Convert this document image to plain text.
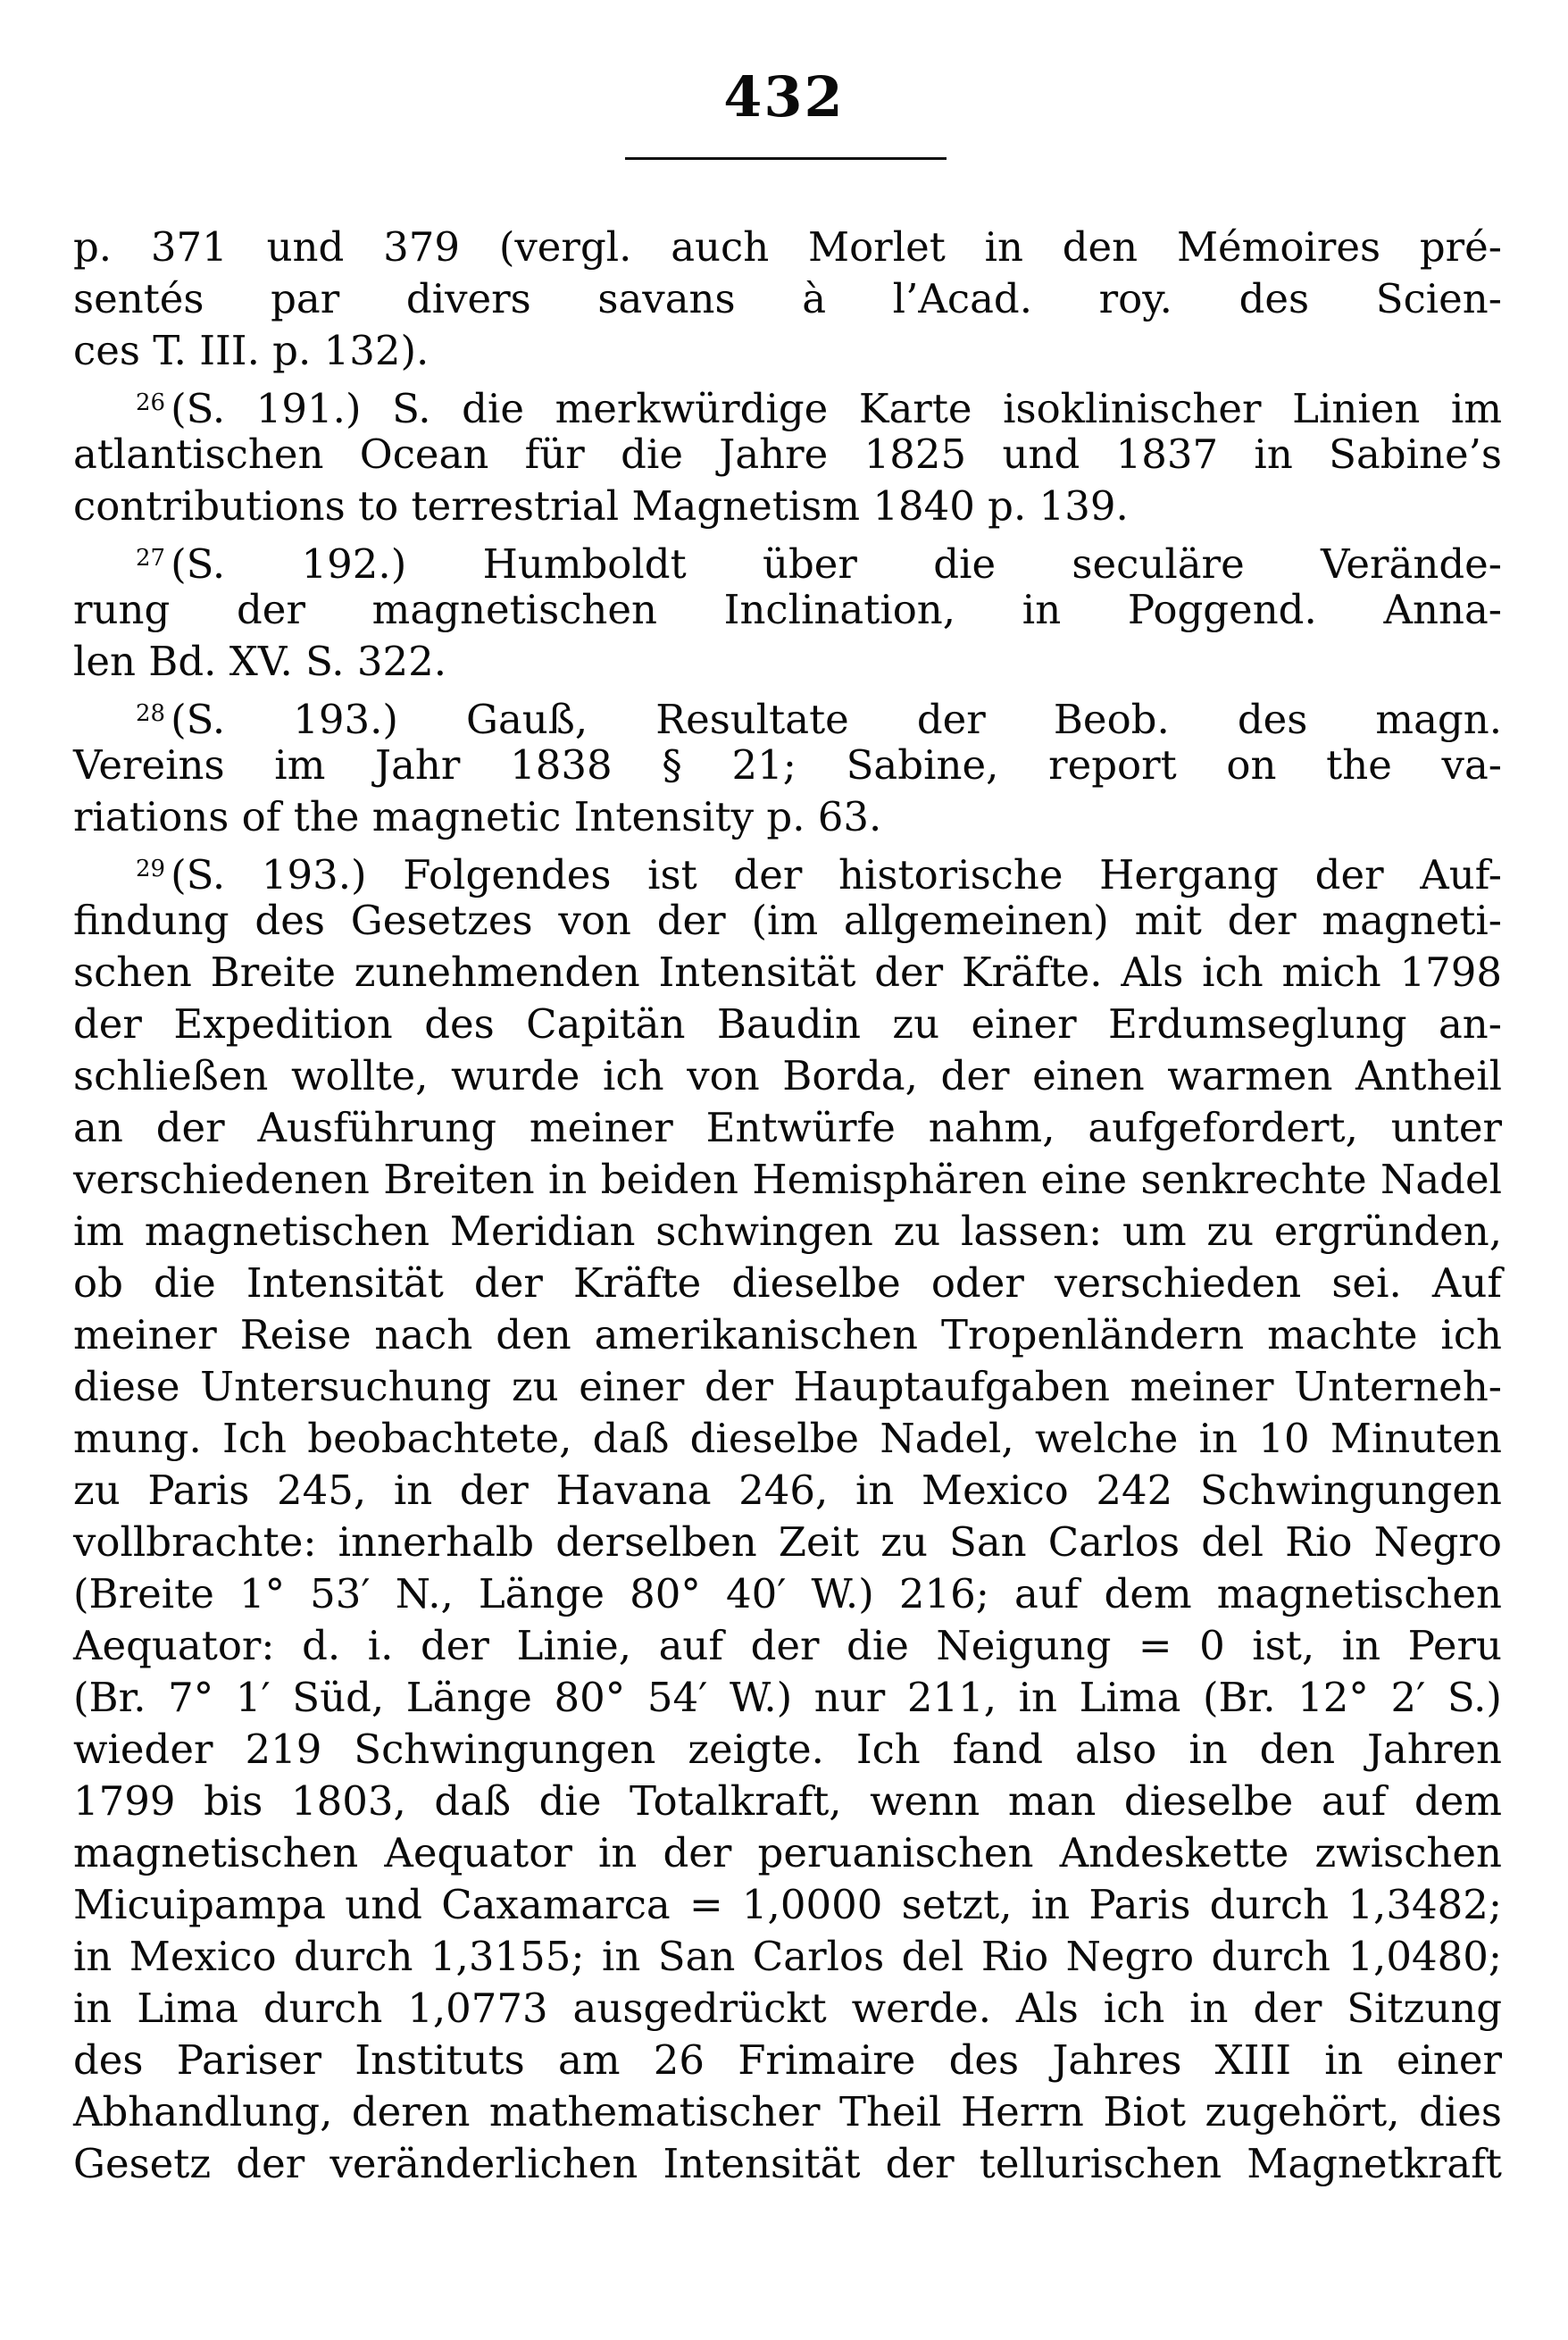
432
p. 371 und 379 (vergl. auch Morlet in den Mémoires pré-
sentés par divers savans à l’Acad. roy. des Scien-
ces T. III. p. 132).
$^{26}$ (S. 191.) S. die merkwürdige Karte isoklinischer Linien im
atlantischen Ocean für die Jahre 1825 und 1837 in Sabine’s
contributions to terrestrial Magnetism 1840 p. 139.
$^{27}$ (S. 192.) Humboldt über die seculäre Verände-
rung der magnetischen Inclination, in Poggend. Anna-
len Bd. XV. S. 322.
$^{28}$ (S. 193.) Gauß, Resultate der Beob. des magn.
Vereins im Jahr 1838 § 21; Sabine, report on the va-
riations of the magnetic Intensity p. 63.
$^{29}$ (S. 193.) Folgendes ist der historische Hergang der Auf-
findung des Gesetzes von der (im allgemeinen) mit der magneti-
schen Breite zunehmenden Intensität der Kräfte. Als ich mich 1798
der Expedition des Capitän Baudin zu einer Erdumseglung an-
schließen wollte, wurde ich von Borda, der einen warmen Antheil
an der Ausführung meiner Entwürfe nahm, aufgefordert, unter
verschiedenen Breiten in beiden Hemisphären eine senkrechte Nadel
im magnetischen Meridian schwingen zu lassen: um zu ergründen,
ob die Intensität der Kräfte dieselbe oder verschieden sei. Auf
meiner Reise nach den amerikanischen Tropenländern machte ich
diese Untersuchung zu einer der Hauptaufgaben meiner Unterneh-
mung. Ich beobachtete, daß dieselbe Nadel, welche in 10 Minuten
zu Paris 245, in der Havana 246, in Mexico 242 Schwingungen
vollbrachte: innerhalb derselben Zeit zu San Carlos del Rio Negro
(Breite 1° 53′ N., Länge 80° 40′ W.) 216; auf dem magnetischen
Aequator: d. i. der Linie, auf der die Neigung = 0 ist, in Peru
(Br. 7° 1′ Süd, Länge 80° 54′ W.) nur 211, in Lima (Br. 12° 2′ S.)
wieder 219 Schwingungen zeigte. Ich fand also in den Jahren
1799 bis 1803, daß die Totalkraft, wenn man dieselbe auf dem
magnetischen Aequator in der peruanischen Andeskette zwischen
Micuipampa und Caxamarca = 1,0000 setzt, in Paris durch 1,3482;
in Mexico durch 1,3155; in San Carlos del Rio Negro durch 1,0480;
in Lima durch 1,0773 ausgedrückt werde. Als ich in der Sitzung
des Pariser Instituts am 26 Frimaire des Jahres XIII in einer
Abhandlung, deren mathematischer Theil Herrn Biot zugehört, dies
Gesetz der veränderlichen Intensität der tellurischen Magnetkraft
